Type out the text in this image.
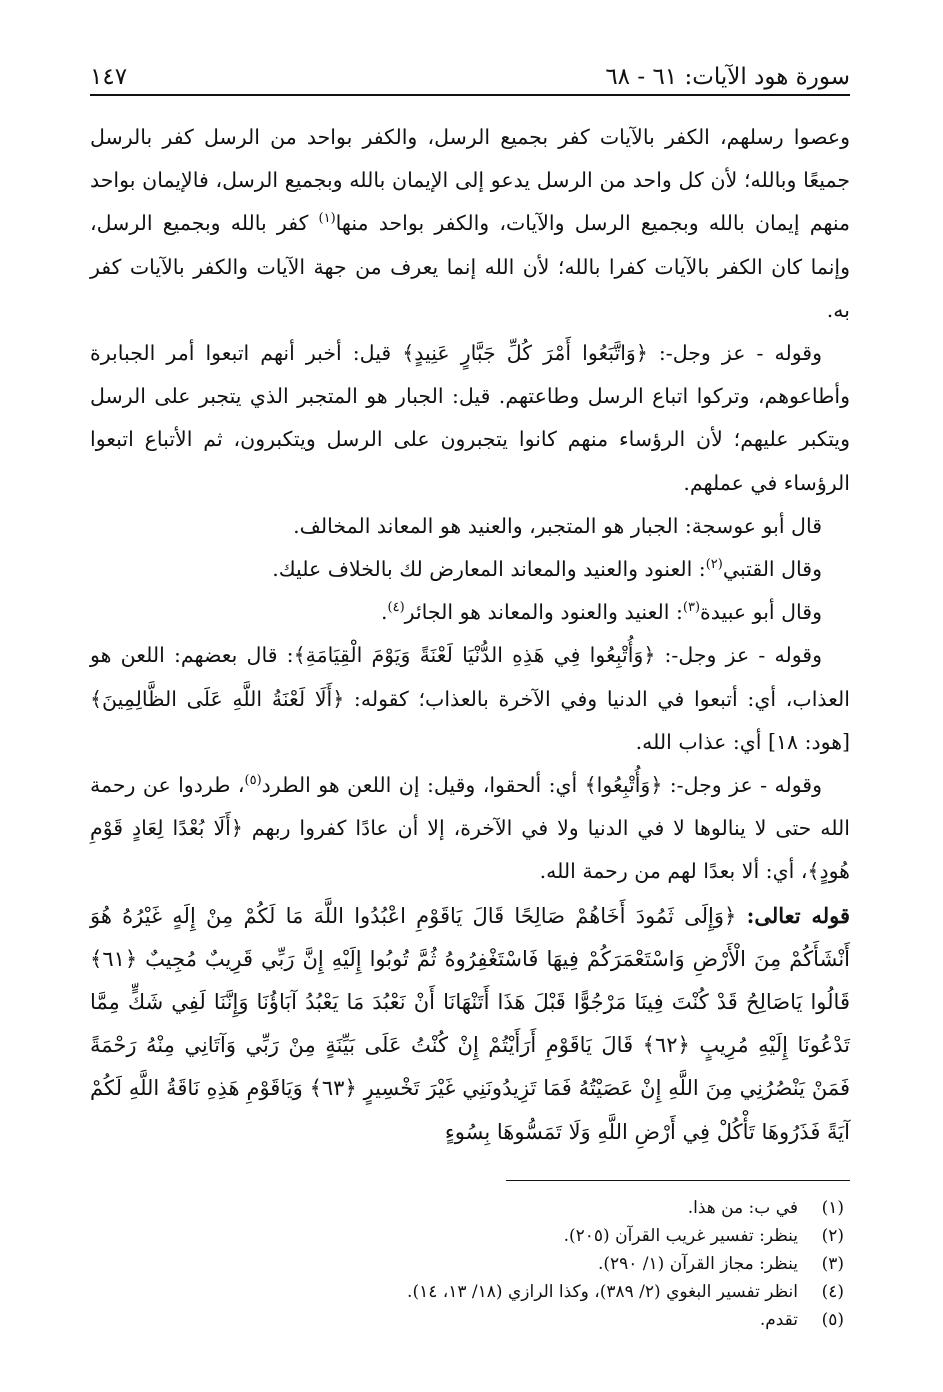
سورة هود الآيات: ٦١ - ٦٨
١٤٧

وعصوا رسلهم، الكفر بالآيات كفر بجميع الرسل، والكفر بواحد من الرسل كفر بالرسل جميعًا وبالله؛ لأن كل واحد من الرسل يدعو إلى الإيمان بالله وبجميع الرسل، فالإيمان بواحد منهم إيمان بالله وبجميع الرسل والآيات، والكفر بواحد منها$^{(١)}$ كفر بالله وبجميع الرسل، وإنما كان الكفر بالآيات كفرا بالله؛ لأن الله إنما يعرف من جهة الآيات والكفر بالآيات كفر به.

وقوله - عز وجل-: ﴿وَاتَّبَعُوا أَمْرَ كُلِّ جَبَّارٍ عَنِيدٍ﴾ قيل: أخبر أنهم اتبعوا أمر الجبابرة وأطاعوهم، وتركوا اتباع الرسل وطاعتهم. قيل: الجبار هو المتجبر الذي يتجبر على الرسل ويتكبر عليهم؛ لأن الرؤساء منهم كانوا يتجبرون على الرسل ويتكبرون، ثم الأتباع اتبعوا الرؤساء في عملهم.

قال أبو عوسجة: الجبار هو المتجبر، والعنيد هو المعاند المخالف.

وقال القتبي$^{(٢)}$: العنود والعنيد والمعاند المعارض لك بالخلاف عليك.

وقال أبو عبيدة$^{(٣)}$: العنيد والعنود والمعاند هو الجائر$^{(٤)}$.

وقوله - عز وجل-: ﴿وَأُتْبِعُوا فِي هَذِهِ الدُّنْيَا لَعْنَةً وَيَوْمَ الْقِيَامَةِ﴾: قال بعضهم: اللعن هو العذاب، أي: أتبعوا في الدنيا وفي الآخرة بالعذاب؛ كقوله: ﴿أَلَا لَعْنَةُ اللَّهِ عَلَى الظَّالِمِينَ﴾ [هود: ١٨] أي: عذاب الله.

وقوله - عز وجل-: ﴿وَأُتْبِعُوا﴾ أي: ألحقوا، وقيل: إن اللعن هو الطرد$^{(٥)}$، طردوا عن رحمة الله حتى لا ينالوها لا في الدنيا ولا في الآخرة، إلا أن عادًا كفروا ربهم ﴿أَلَا بُعْدًا لِعَادٍ قَوْمِ هُودٍ﴾، أي: ألا بعدًا لهم من رحمة الله.

قوله تعالى: ﴿وَإِلَى ثَمُودَ أَخَاهُمْ صَالِحًا قَالَ يَاقَوْمِ اعْبُدُوا اللَّهَ مَا لَكُمْ مِنْ إِلَهٍ غَيْرُهُ هُوَ أَنْشَأَكُمْ مِنَ الْأَرْضِ وَاسْتَعْمَرَكُمْ فِيهَا فَاسْتَغْفِرُوهُ ثُمَّ تُوبُوا إِلَيْهِ إِنَّ رَبِّي قَرِيبٌ مُجِيبٌ ﴿٦١﴾ قَالُوا يَاصَالِحُ قَدْ كُنْتَ فِينَا مَرْجُوًّا قَبْلَ هَذَا أَتَنْهَانَا أَنْ نَعْبُدَ مَا يَعْبُدُ آبَاؤُنَا وَإِنَّنَا لَفِي شَكٍّ مِمَّا تَدْعُونَا إِلَيْهِ مُرِيبٍ ﴿٦٢﴾ قَالَ يَاقَوْمِ أَرَأَيْتُمْ إِنْ كُنْتُ عَلَى بَيِّنَةٍ مِنْ رَبِّي وَآتَانِي مِنْهُ رَحْمَةً فَمَنْ يَنْصُرُنِي مِنَ اللَّهِ إِنْ عَصَيْتُهُ فَمَا تَزِيدُونَنِي غَيْرَ تَخْسِيرٍ ﴿٦٣﴾ وَيَاقَوْمِ هَذِهِ نَاقَةُ اللَّهِ لَكُمْ آيَةً فَذَرُوهَا تَأْكُلْ فِي أَرْضِ اللَّهِ وَلَا تَمَسُّوهَا بِسُوءٍ

(١)
في ب: من هذا.
(٢)
ينظر: تفسير غريب القرآن (٢٠٥).
(٣)
ينظر: مجاز القرآن (١/ ٢٩٠).
(٤)
انظر تفسير البغوي (٢/ ٣٨٩)، وكذا الرازي (١٨/ ١٣، ١٤).
(٥)
تقدم.
